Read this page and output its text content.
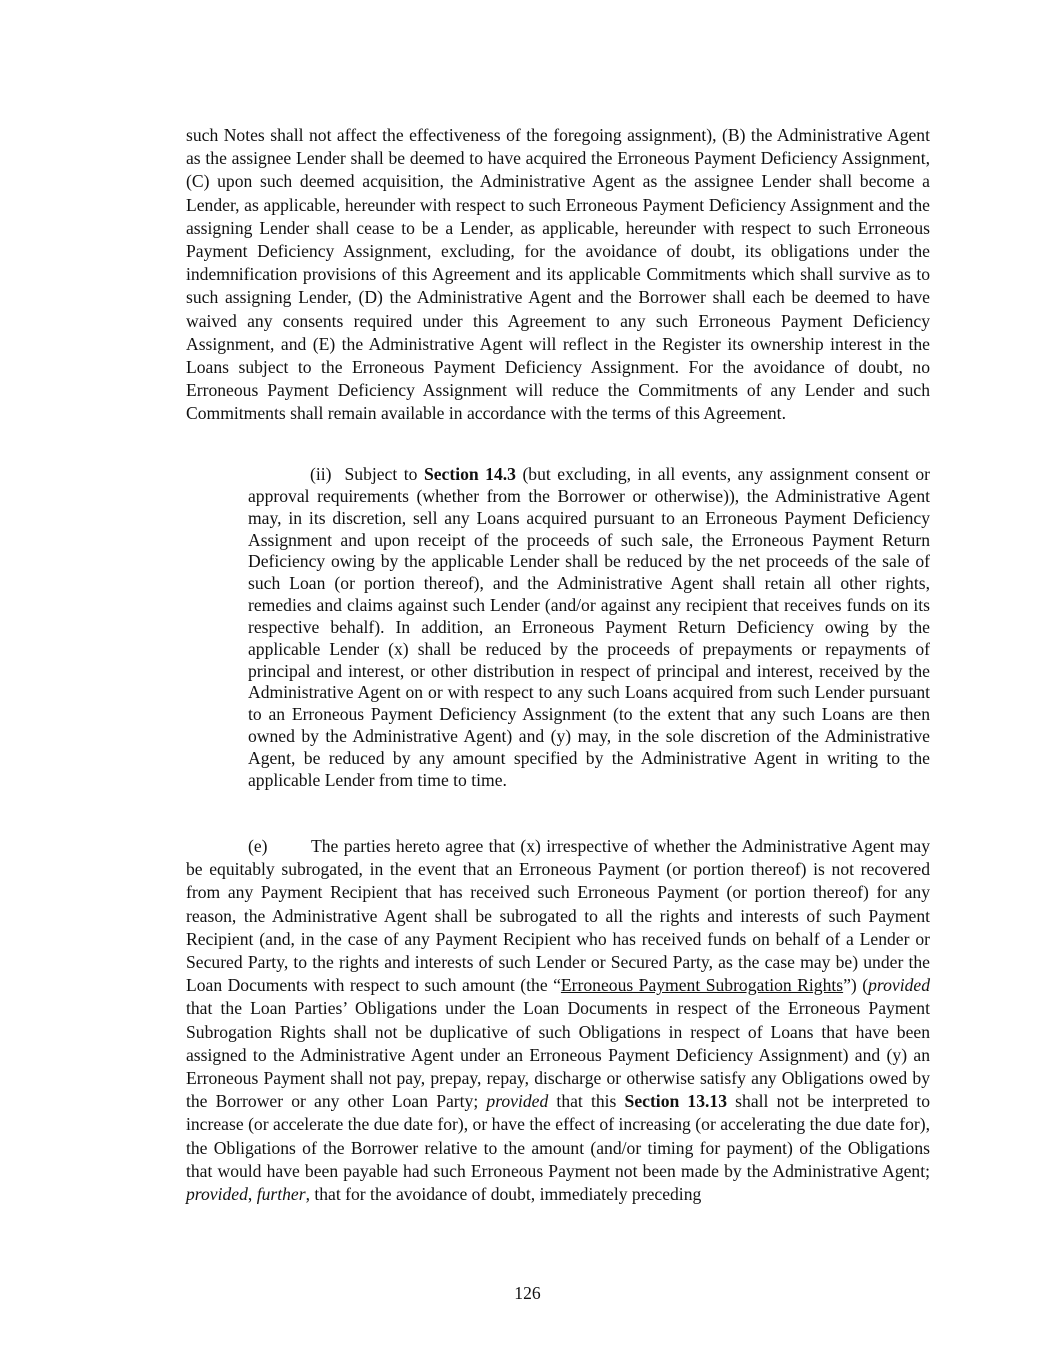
such Notes shall not affect the effectiveness of the foregoing assignment), (B) the Administrative Agent as the assignee Lender shall be deemed to have acquired the Erroneous Payment Deficiency Assignment, (C) upon such deemed acquisition, the Administrative Agent as the assignee Lender shall become a Lender, as applicable, hereunder with respect to such Erroneous Payment Deficiency Assignment and the assigning Lender shall cease to be a Lender, as applicable, hereunder with respect to such Erroneous Payment Deficiency Assignment, excluding, for the avoidance of doubt, its obligations under the indemnification provisions of this Agreement and its applicable Commitments which shall survive as to such assigning Lender, (D) the Administrative Agent and the Borrower shall each be deemed to have waived any consents required under this Agreement to any such Erroneous Payment Deficiency Assignment, and (E) the Administrative Agent will reflect in the Register its ownership interest in the Loans subject to the Erroneous Payment Deficiency Assignment. For the avoidance of doubt, no Erroneous Payment Deficiency Assignment will reduce the Commitments of any Lender and such Commitments shall remain available in accordance with the terms of this Agreement.

(ii) Subject to Section 14.3 (but excluding, in all events, any assignment consent or approval requirements (whether from the Borrower or otherwise)), the Administrative Agent may, in its discretion, sell any Loans acquired pursuant to an Erroneous Payment Deficiency Assignment and upon receipt of the proceeds of such sale, the Erroneous Payment Return Deficiency owing by the applicable Lender shall be reduced by the net proceeds of the sale of such Loan (or portion thereof), and the Administrative Agent shall retain all other rights, remedies and claims against such Lender (and/or against any recipient that receives funds on its respective behalf). In addition, an Erroneous Payment Return Deficiency owing by the applicable Lender (x) shall be reduced by the proceeds of prepayments or repayments of principal and interest, or other distribution in respect of principal and interest, received by the Administrative Agent on or with respect to any such Loans acquired from such Lender pursuant to an Erroneous Payment Deficiency Assignment (to the extent that any such Loans are then owned by the Administrative Agent) and (y) may, in the sole discretion of the Administrative Agent, be reduced by any amount specified by the Administrative Agent in writing to the applicable Lender from time to time.

(e) The parties hereto agree that (x) irrespective of whether the Administrative Agent may be equitably subrogated, in the event that an Erroneous Payment (or portion thereof) is not recovered from any Payment Recipient that has received such Erroneous Payment (or portion thereof) for any reason, the Administrative Agent shall be subrogated to all the rights and interests of such Payment Recipient (and, in the case of any Payment Recipient who has received funds on behalf of a Lender or Secured Party, to the rights and interests of such Lender or Secured Party, as the case may be) under the Loan Documents with respect to such amount (the “Erroneous Payment Subrogation Rights”) (provided that the Loan Parties’ Obligations under the Loan Documents in respect of the Erroneous Payment Subrogation Rights shall not be duplicative of such Obligations in respect of Loans that have been assigned to the Administrative Agent under an Erroneous Payment Deficiency Assignment) and (y) an Erroneous Payment shall not pay, prepay, repay, discharge or otherwise satisfy any Obligations owed by the Borrower or any other Loan Party; provided that this Section 13.13 shall not be interpreted to increase (or accelerate the due date for), or have the effect of increasing (or accelerating the due date for), the Obligations of the Borrower relative to the amount (and/or timing for payment) of the Obligations that would have been payable had such Erroneous Payment not been made by the Administrative Agent; provided, further, that for the avoidance of doubt, immediately preceding

126
